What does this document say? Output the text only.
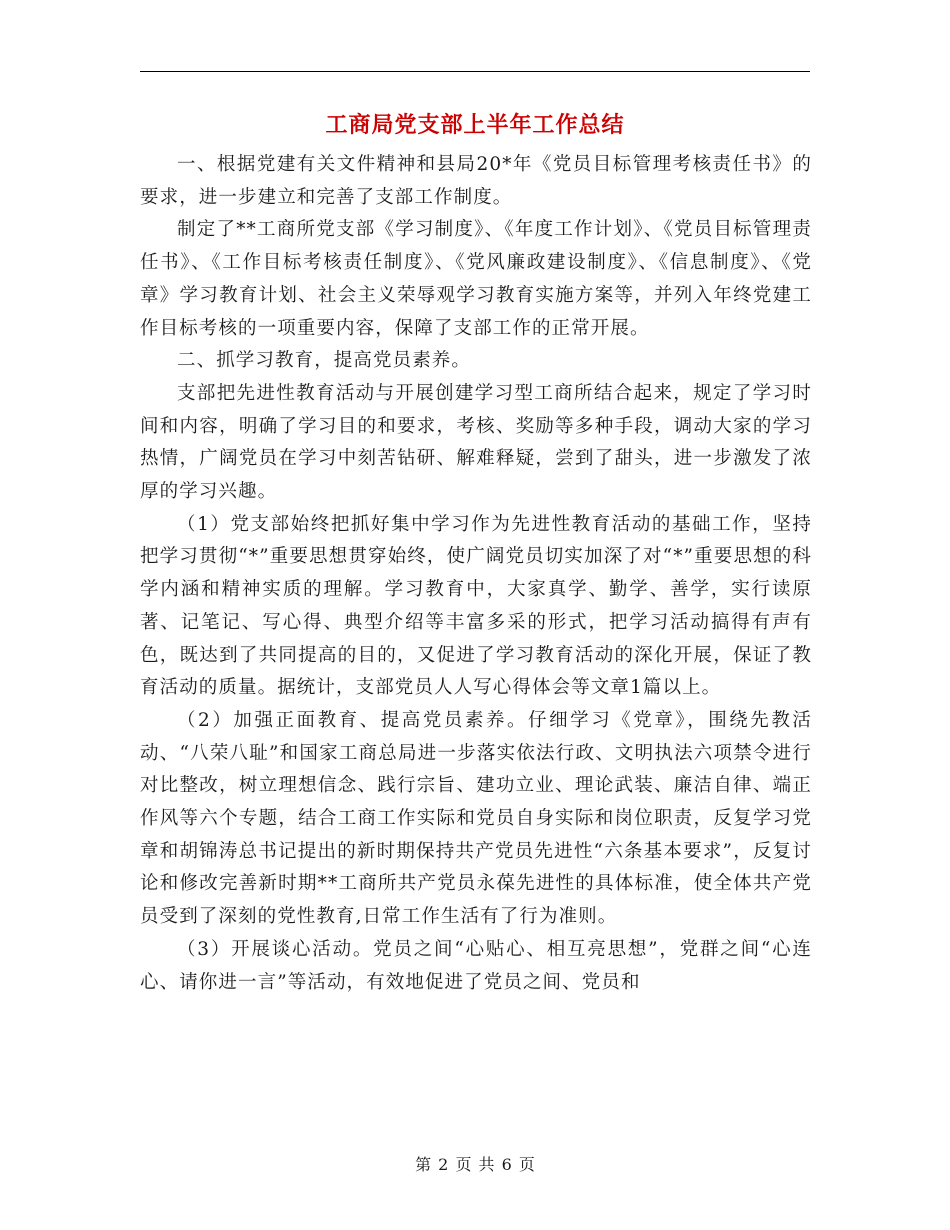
工商局党支部上半年工作总结

一、根据党建有关文件精神和县局20*年《党员目标管理考核责任书》的要求，进一步建立和完善了支部工作制度。

制定了**工商所党支部《学习制度》、《年度工作计划》、《党员目标管理责任书》、《工作目标考核责任制度》、《党风廉政建设制度》、《信息制度》、《党章》学习教育计划、社会主义荣辱观学习教育实施方案等，并列入年终党建工作目标考核的一项重要内容，保障了支部工作的正常开展。

二、抓学习教育，提高党员素养。

支部把先进性教育活动与开展创建学习型工商所结合起来，规定了学习时间和内容，明确了学习目的和要求，考核、奖励等多种手段，调动大家的学习热情，广阔党员在学习中刻苦钻研、解难释疑，尝到了甜头，进一步激发了浓厚的学习兴趣。

（1）党支部始终把抓好集中学习作为先进性教育活动的基础工作，坚持把学习贯彻“*”重要思想贯穿始终，使广阔党员切实加深了对“*”重要思想的科学内涵和精神实质的理解。学习教育中，大家真学、勤学、善学，实行读原著、记笔记、写心得、典型介绍等丰富多采的形式，把学习活动搞得有声有色，既达到了共同提高的目的，又促进了学习教育活动的深化开展，保证了教育活动的质量。据统计，支部党员人人写心得体会等文章1篇以上。

（2）加强正面教育、提高党员素养。仔细学习《党章》，围绕先教活动、“八荣八耻”和国家工商总局进一步落实依法行政、文明执法六项禁令进行对比整改，树立理想信念、践行宗旨、建功立业、理论武装、廉洁自律、端正作风等六个专题，结合工商工作实际和党员自身实际和岗位职责，反复学习党章和胡锦涛总书记提出的新时期保持共产党员先进性“六条基本要求”，反复讨论和修改完善新时期**工商所共产党员永葆先进性的具体标准，使全体共产党员受到了深刻的党性教育,日常工作生活有了行为准则。

（3）开展谈心活动。党员之间“心贴心、相互亮思想”，党群之间“心连心、请你进一言”等活动，有效地促进了党员之间、党员和

第 2 页 共 6 页
